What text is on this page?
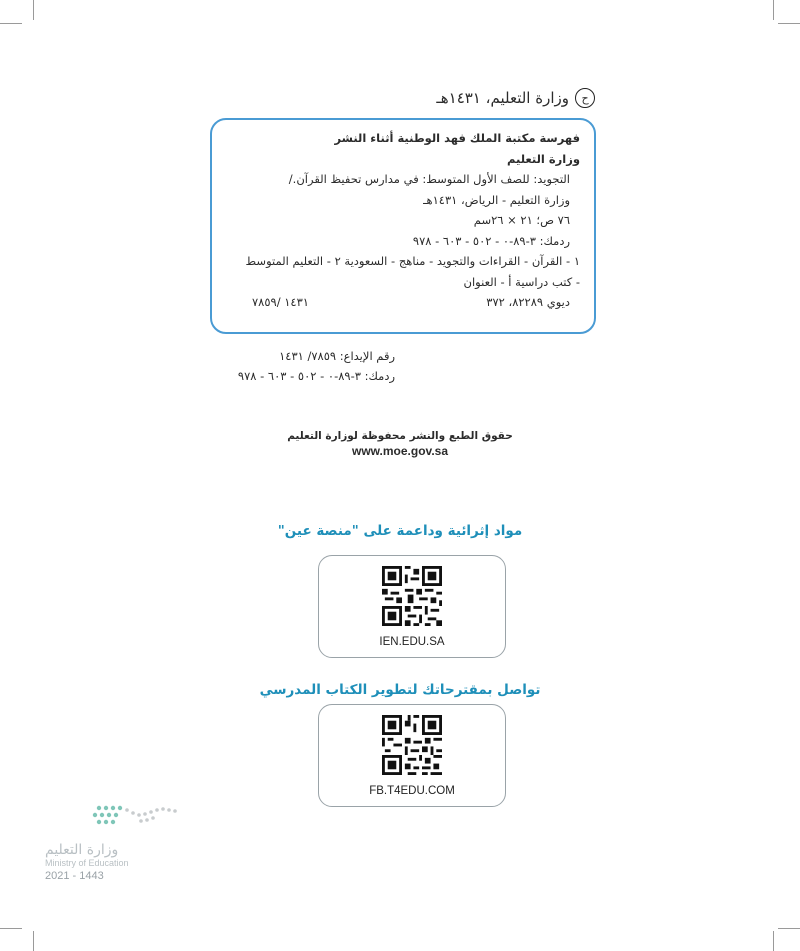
ح
وزارة التعليم، ١٤٣١هـ
فهرسة مكتبة الملك فهد الوطنية أثناء النشر
وزارة التعليم
التجويد: للصف الأول المتوسط: في مدارس تحفيظ القرآن./
وزارة التعليم - الرياض، ١٤٣١هـ
٧٦ ص؛ ٢١ × ٢٦سم
ردمك: ٣-٨٩-٠ - ٥٠٢ - ٦٠٣ - ٩٧٨
١ - القرآن - القراءات والتجويد - مناهج - السعودية ٢ - التعليم المتوسط
- كتب دراسية أ - العنوان
ديوي ٨٢٢٨٩، ٣٧٢
١٤٣١ /٧٨٥٩
رقم الإيداع: ٧٨٥٩/ ١٤٣١
ردمك: ٣-٨٩-٠ - ٥٠٢ - ٦٠٣ - ٩٧٨
حقوق الطبع والنشر محفوظة لوزارة التعليم
www.moe.gov.sa
مواد إثرائية وداعمة على "منصة عين"
IEN.EDU.SA
تواصل بمقترحاتك لتطوير الكتاب المدرسي
FB.T4EDU.COM
وزارة التعليم
Ministry of Education
2021 - 1443
